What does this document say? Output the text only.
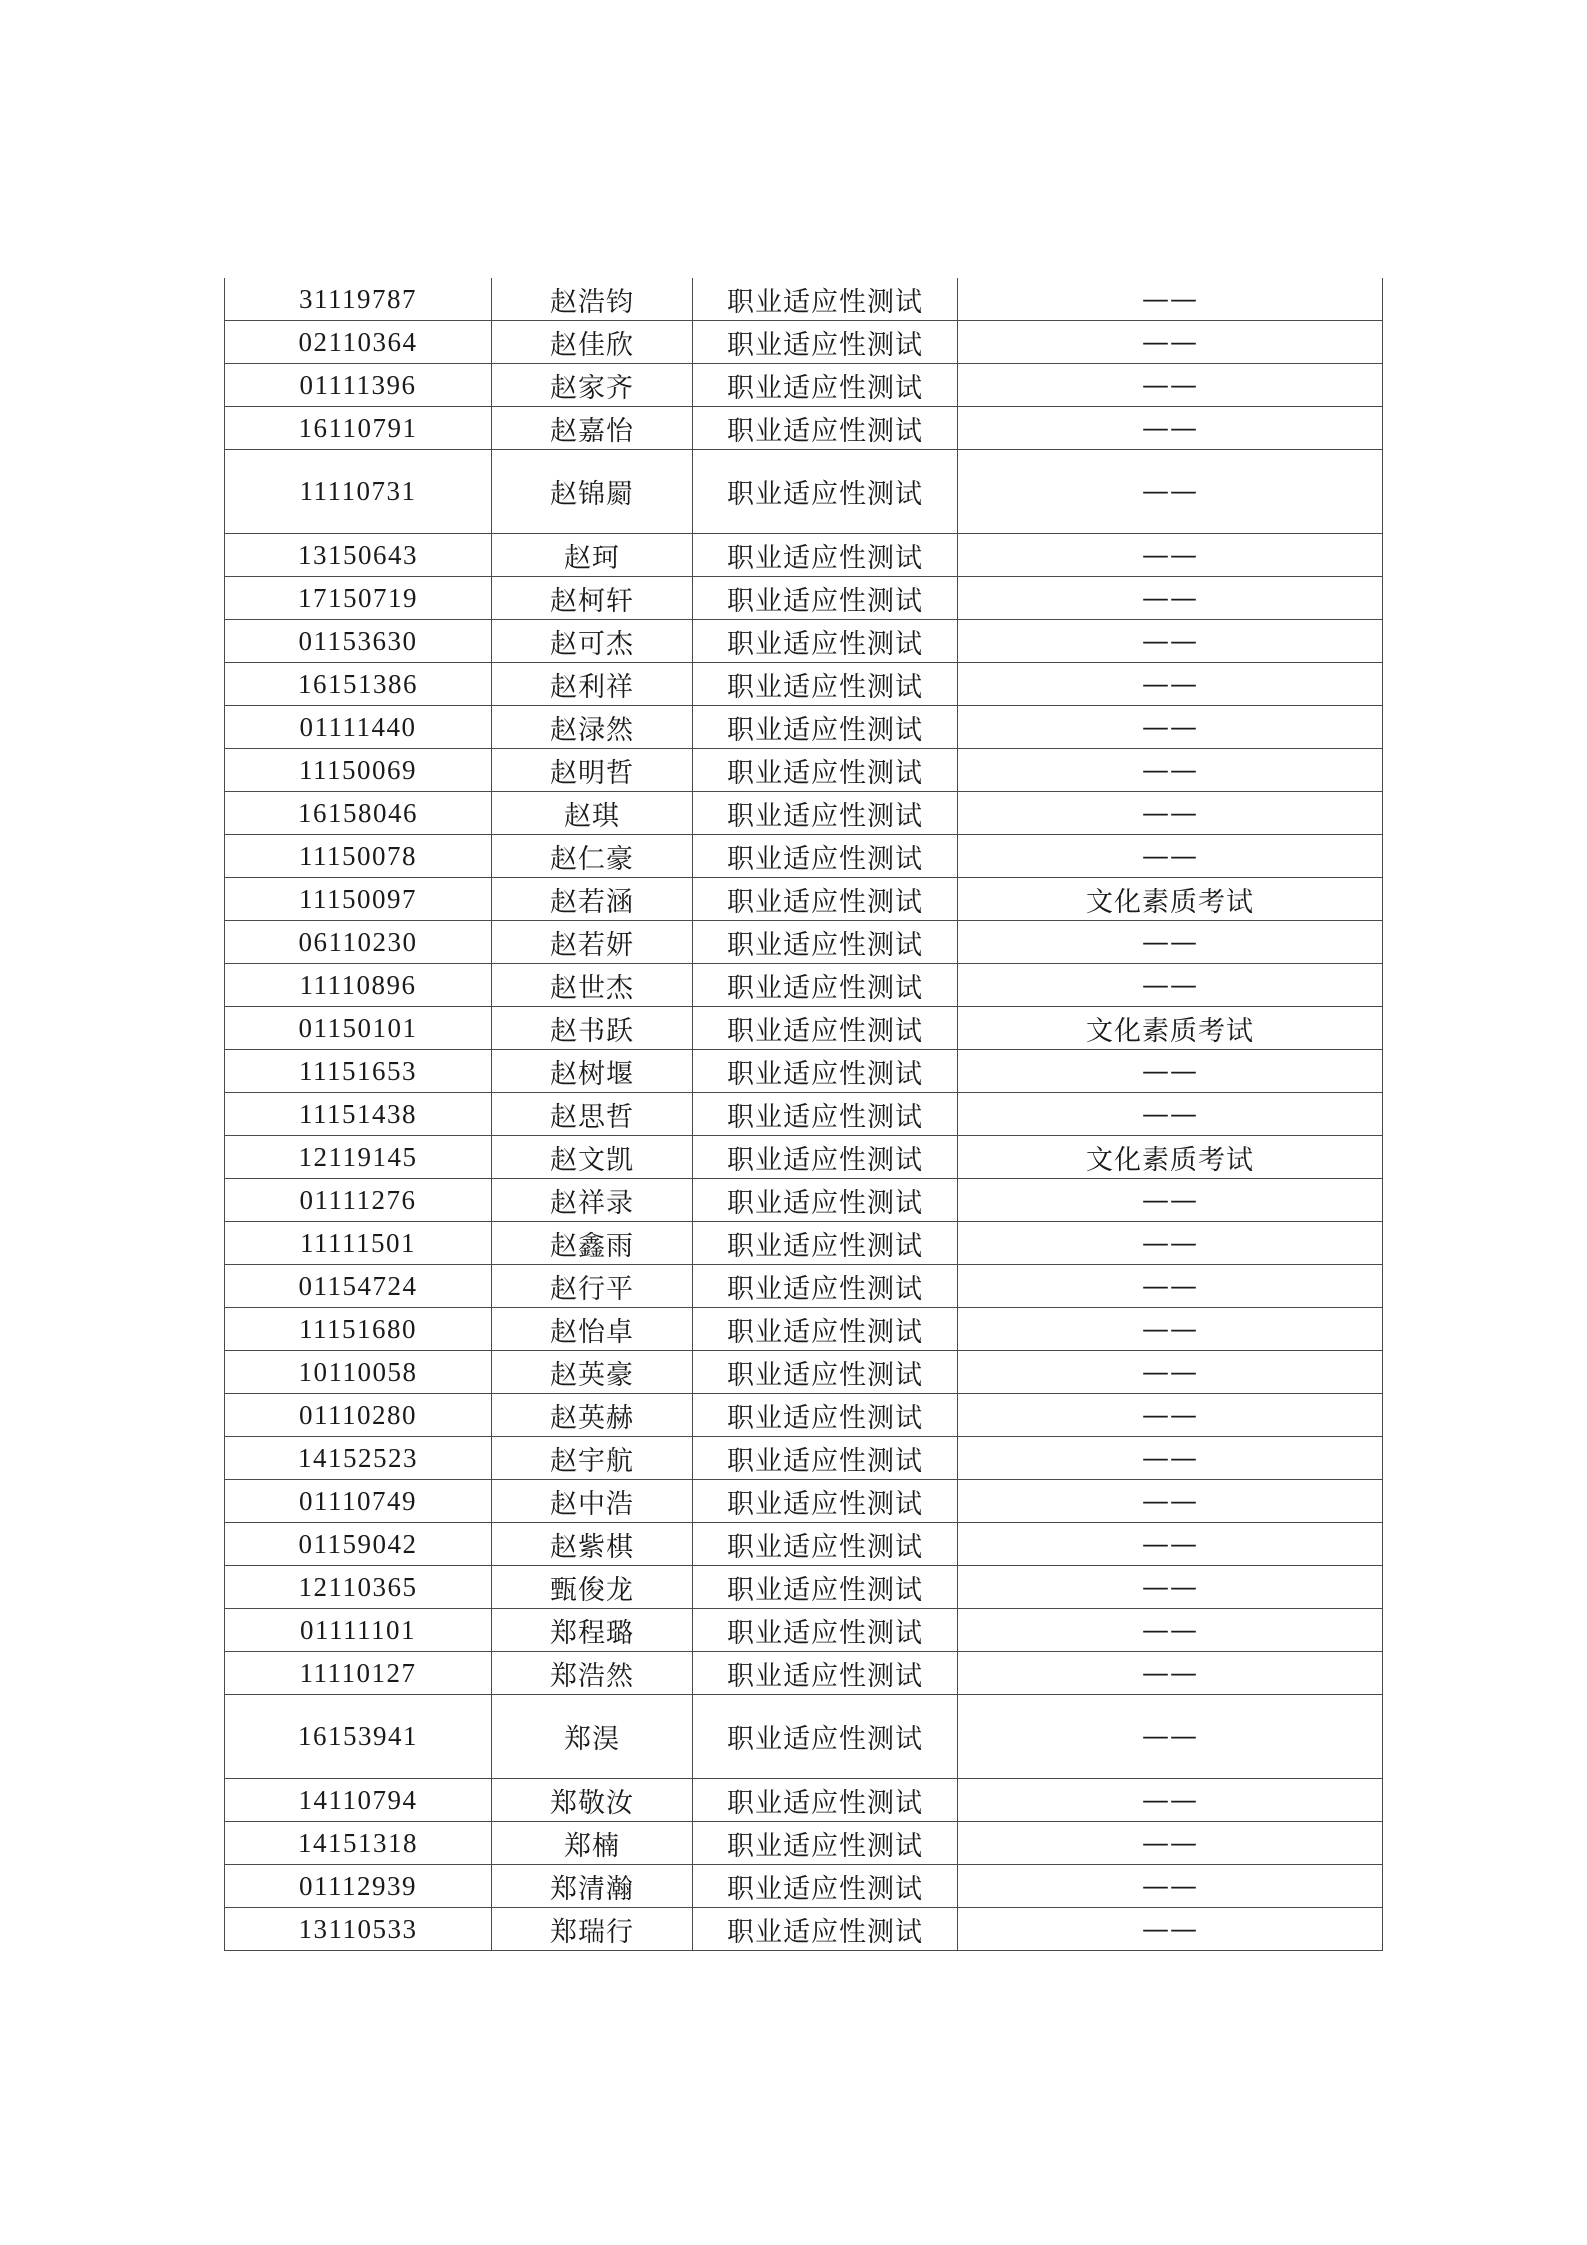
31119787	赵浩钧	职业适应性测试	——
02110364	赵佳欣	职业适应性测试	——
01111396	赵家齐	职业适应性测试	——
16110791	赵嘉怡	职业适应性测试	——
11110731	赵锦罽	职业适应性测试	——
13150643	赵珂	职业适应性测试	——
17150719	赵柯轩	职业适应性测试	——
01153630	赵可杰	职业适应性测试	——
16151386	赵利祥	职业适应性测试	——
01111440	赵渌然	职业适应性测试	——
11150069	赵明哲	职业适应性测试	——
16158046	赵琪	职业适应性测试	——
11150078	赵仁豪	职业适应性测试	——
11150097	赵若涵	职业适应性测试	文化素质考试
06110230	赵若妍	职业适应性测试	——
11110896	赵世杰	职业适应性测试	——
01150101	赵书跃	职业适应性测试	文化素质考试
11151653	赵树堰	职业适应性测试	——
11151438	赵思哲	职业适应性测试	——
12119145	赵文凯	职业适应性测试	文化素质考试
01111276	赵祥录	职业适应性测试	——
11111501	赵鑫雨	职业适应性测试	——
01154724	赵行平	职业适应性测试	——
11151680	赵怡卓	职业适应性测试	——
10110058	赵英豪	职业适应性测试	——
01110280	赵英赫	职业适应性测试	——
14152523	赵宇航	职业适应性测试	——
01110749	赵中浩	职业适应性测试	——
01159042	赵紫棋	职业适应性测试	——
12110365	甄俊龙	职业适应性测试	——
01111101	郑程璐	职业适应性测试	——
11110127	郑浩然	职业适应性测试	——
16153941	郑淏	职业适应性测试	——
14110794	郑敬汝	职业适应性测试	——
14151318	郑楠	职业适应性测试	——
01112939	郑清瀚	职业适应性测试	——
13110533	郑瑞行	职业适应性测试	——
